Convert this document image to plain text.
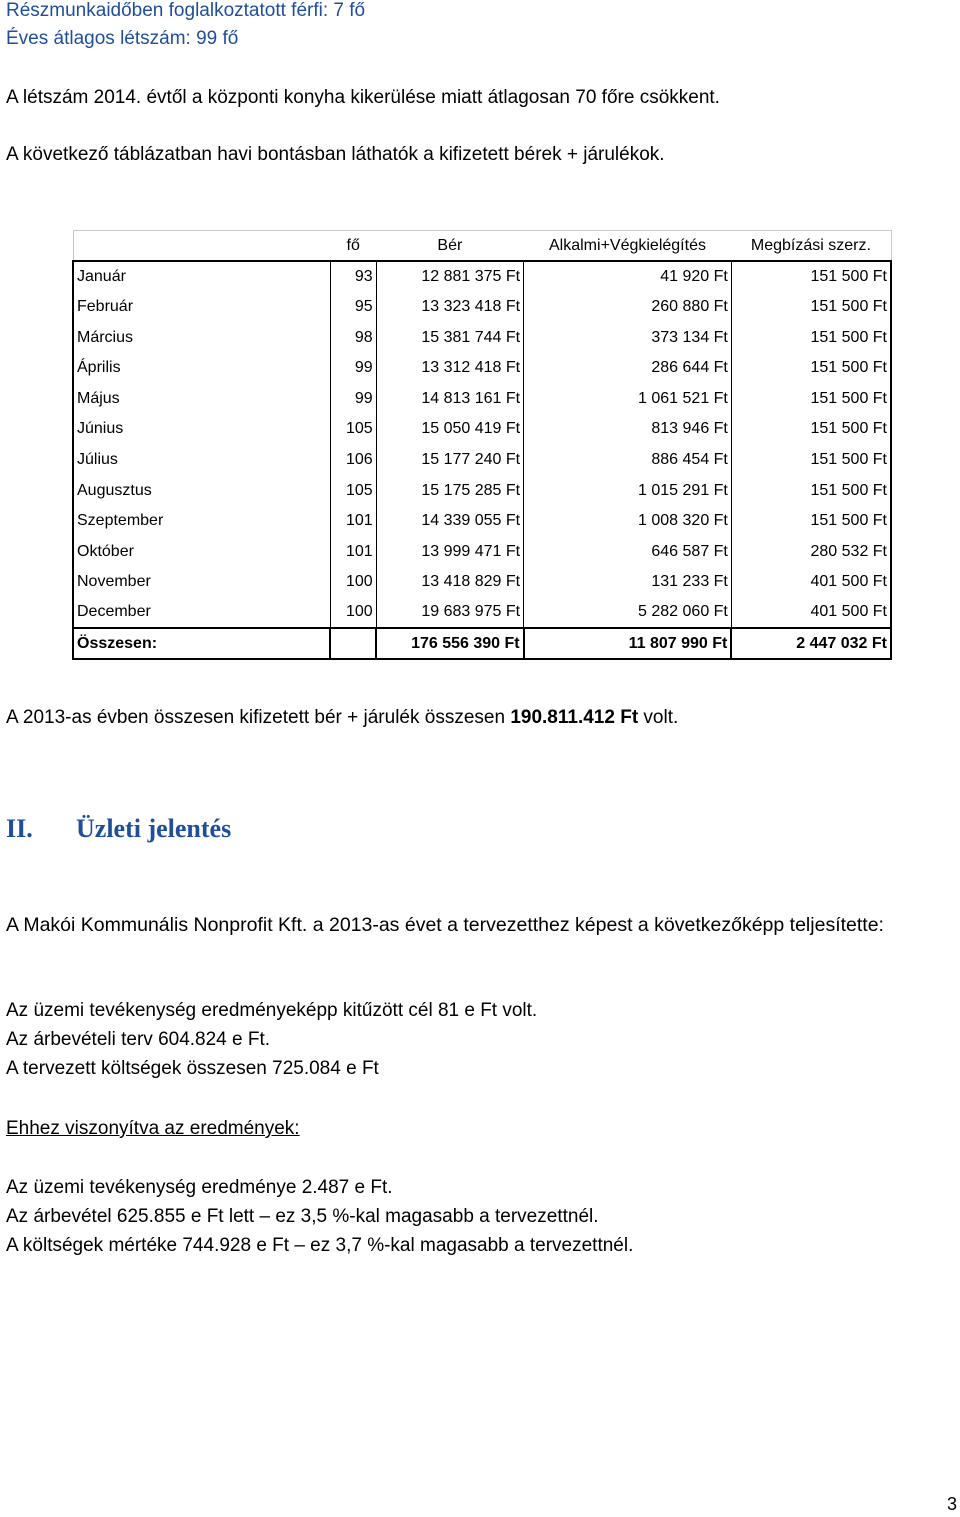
Részmunkaidőben foglalkoztatott férfi: 7 fő
Éves átlagos létszám: 99 fő
A létszám 2014. évtől a központi konyha kikerülése miatt átlagosan 70 főre csökkent.
A következő táblázatban havi bontásban láthatók a kifizetett bérek + járulékok.
	fő	Bér	Alkalmi+Végkielégítés	Megbízási szerz.
Január	93	12 881 375 Ft	41 920 Ft	151 500 Ft
Február	95	13 323 418 Ft	260 880 Ft	151 500 Ft
Március	98	15 381 744 Ft	373 134 Ft	151 500 Ft
Április	99	13 312 418 Ft	286 644 Ft	151 500 Ft
Május	99	14 813 161 Ft	1 061 521 Ft	151 500 Ft
Június	105	15 050 419 Ft	813 946 Ft	151 500 Ft
Július	106	15 177 240 Ft	886 454 Ft	151 500 Ft
Augusztus	105	15 175 285 Ft	1 015 291 Ft	151 500 Ft
Szeptember	101	14 339 055 Ft	1 008 320 Ft	151 500 Ft
Október	101	13 999 471 Ft	646 587 Ft	280 532 Ft
November	100	13 418 829 Ft	131 233 Ft	401 500 Ft
December	100	19 683 975 Ft	5 282 060 Ft	401 500 Ft
Összesen:		176 556 390 Ft	11 807 990 Ft	2 447 032 Ft
A 2013-as évben összesen kifizetett bér + járulék összesen 190.811.412 Ft volt.
II. Üzleti jelentés
A Makói Kommunális Nonprofit Kft. a 2013-as évet a tervezetthez képest a következőképp teljesítette:
Az üzemi tevékenység eredményeképp kitűzött cél 81 e Ft volt.
Az árbevételi terv 604.824 e Ft.
A tervezett költségek összesen 725.084 e Ft
Ehhez viszonyítva az eredmények:
Az üzemi tevékenység eredménye 2.487 e Ft.
Az árbevétel 625.855 e Ft lett – ez 3,5 %-kal magasabb a tervezettnél.
A költségek mértéke 744.928 e Ft – ez 3,7 %-kal magasabb a tervezettnél.
3
